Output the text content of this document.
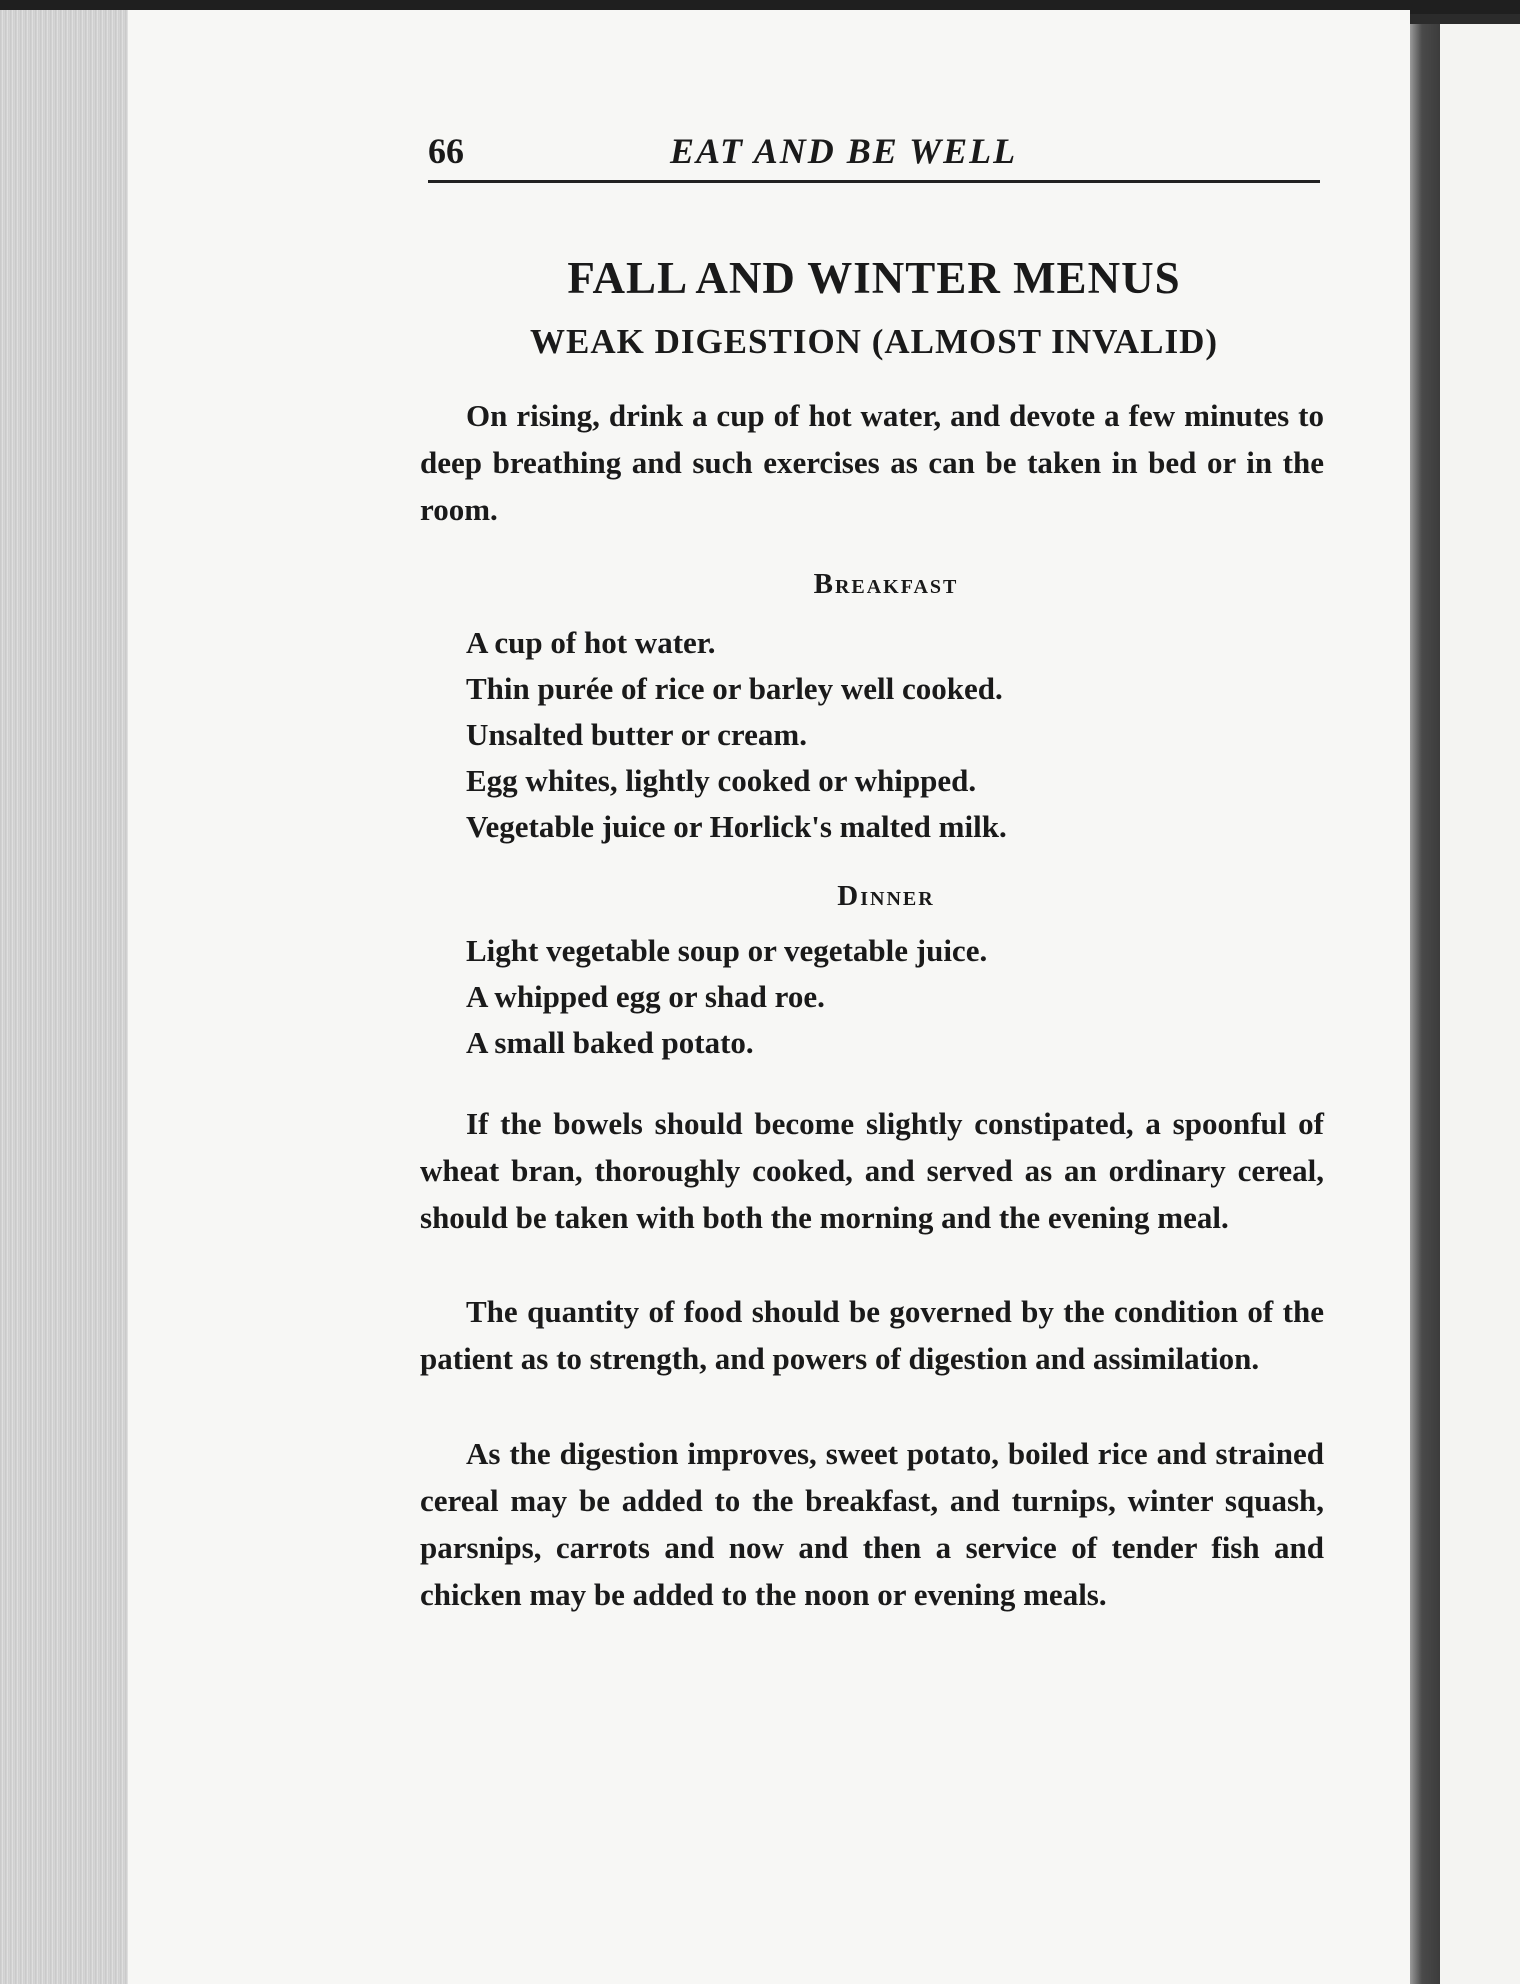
66	EAT AND BE WELL
FALL AND WINTER MENUS
WEAK DIGESTION (ALMOST INVALID)

On rising, drink a cup of hot water, and devote a few minutes to deep breathing and such exercises as can be taken in bed or in the room.

Breakfast
A cup of hot water.
Thin purée of rice or barley well cooked.
Unsalted butter or cream.
Egg whites, lightly cooked or whipped.
Vegetable juice or Horlick's malted milk.
Dinner
Light vegetable soup or vegetable juice.
A whipped egg or shad roe.
A small baked potato.

If the bowels should become slightly constipated, a spoonful of wheat bran, thoroughly cooked, and served as an ordinary cereal, should be taken with both the morning and the evening meal.

The quantity of food should be governed by the condition of the patient as to strength, and powers of digestion and assimilation.

As the digestion improves, sweet potato, boiled rice and strained cereal may be added to the breakfast, and turnips, winter squash, parsnips, carrots and now and then a service of tender fish and chicken may be added to the noon or evening meals.
